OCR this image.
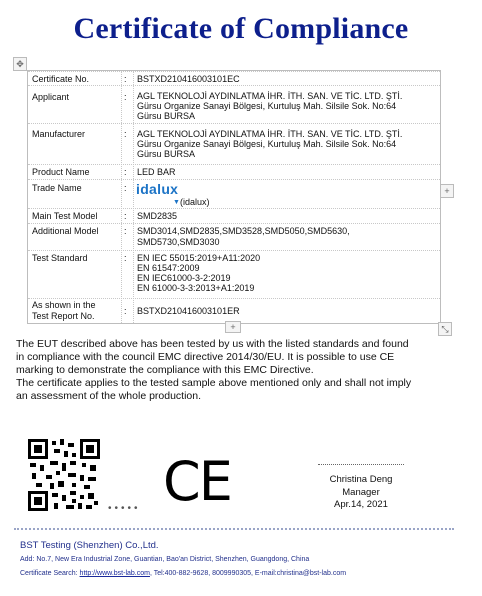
Certificate of Compliance
✥
Certificate No.	: BSTXD210416003101EC
Applicant	: AGL TEKNOLOJİ AYDINLATMA İHR. İTH. SAN. VE TİC. LTD. ŞTİ.
Gürsu Organize Sanayi Bölgesi, Kurtuluş Mah. Silsile Sok. No:64
Gürsu BURSA
Manufacturer	: AGL TEKNOLOJİ AYDINLATMA İHR. İTH. SAN. VE TİC. LTD. ŞTİ.
Gürsu Organize Sanayi Bölgesi, Kurtuluş Mah. Silsile Sok. No:64
Gürsu BURSA
Product Name	: LED BAR
Trade Name	: idalux
▼ (idalux)
Main Test Model	: SMD2835
Additional Model	: SMD3014,SMD2835,SMD3528,SMD5050,SMD5630,
SMD5730,SMD3030
Test Standard	: EN IEC 55015:2019+A11:2020
EN 61547:2009
EN IEC61000-3-2:2019
EN 61000-3-3:2013+A1:2019
As shown in the
Test Report No.	: BSTXD210416003101ER
+
+	⤡

The EUT described above has been tested by us with the listed standards and found

in compliance with the council EMC directive 2014/30/EU. It is possible to use CE

marking to demonstrate the compliance with this EMC Directive.

The certificate applies to the tested sample above mentioned only and shall not imply

an assessment of the whole production.

••••• CE	Christina Deng
Manager
Apr.14, 2021
BST Testing (Shenzhen) Co.,Ltd.
Add: No.7, New Era Industrial Zone, Guantian, Bao'an District, Shenzhen, Guangdong, China
Certificate Search: http://www.bst-lab.com, Tel:400-882-9628, 8009990305, E-mail:christina@bst-lab.com
